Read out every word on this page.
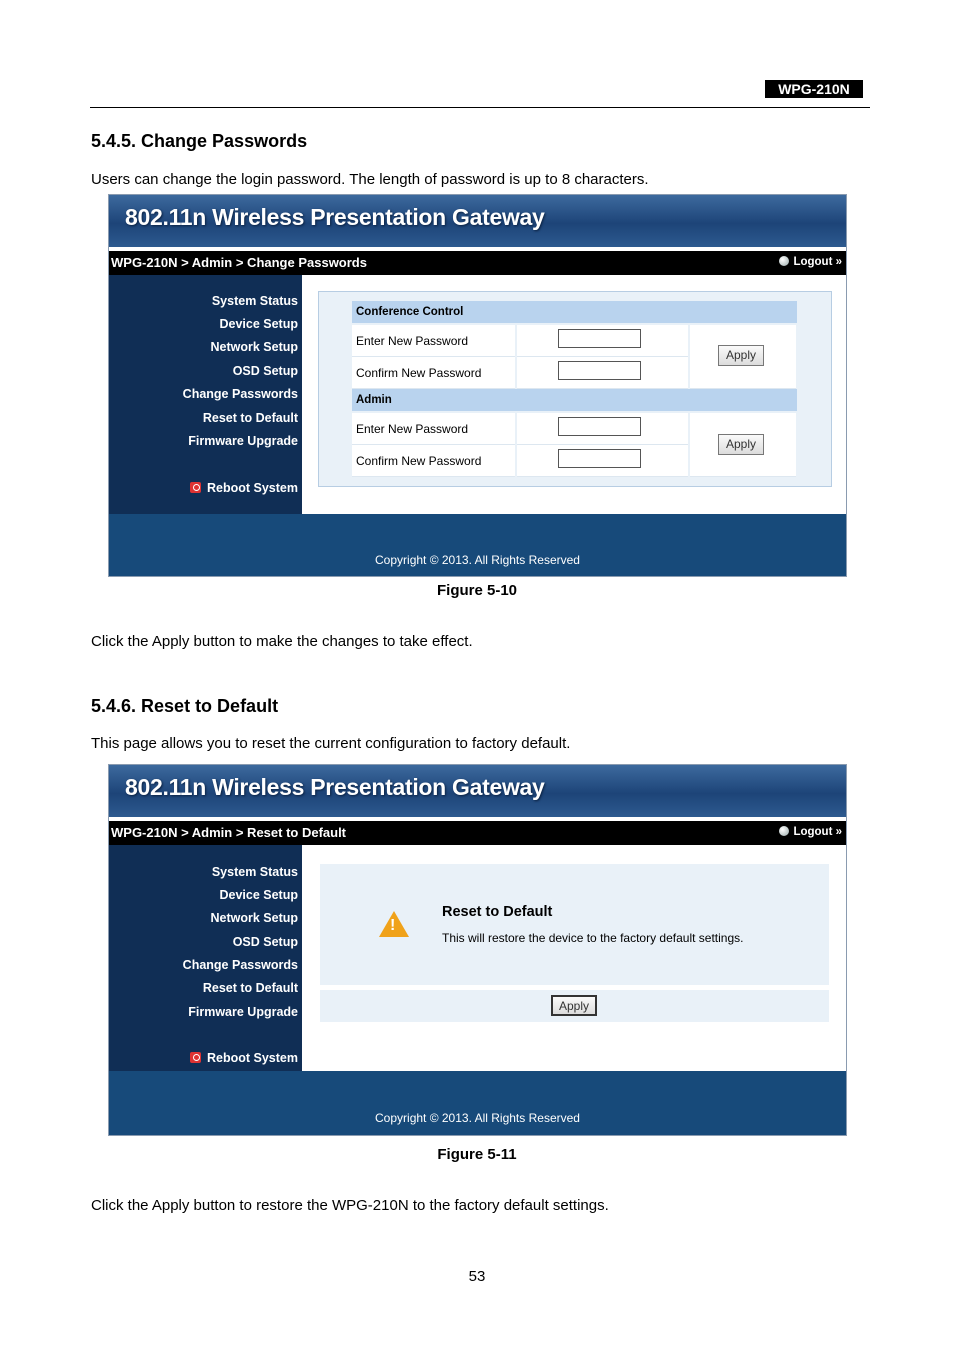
WPG-210N
5.4.5. Change Passwords
Users can change the login password. The length of password is up to 8 characters.
802.11n Wireless Presentation Gateway
WPG-210N > Admin > Change Passwords	Logout »
System Status
Device Setup
Network Setup
OSD Setup
Change Passwords
Reset to Default
Firmware Upgrade
Reboot System
Conference Control
Enter New Password
Confirm New Password
Apply
Admin
Enter New Password
Confirm New Password
Apply
Copyright © 2013. All Rights Reserved
Figure 5-10
Click the Apply button to make the changes to take effect.
5.4.6. Reset to Default
This page allows you to reset the current configuration to factory default.
802.11n Wireless Presentation Gateway
WPG-210N > Admin > Reset to Default	Logout »
System Status
Device Setup
Network Setup
OSD Setup
Change Passwords
Reset to Default
Firmware Upgrade
Reboot System
!
Reset to Default
This will restore the device to the factory default settings.
Apply
Copyright © 2013. All Rights Reserved
Figure 5-11
Click the Apply button to restore the WPG-210N to the factory default settings.
53
